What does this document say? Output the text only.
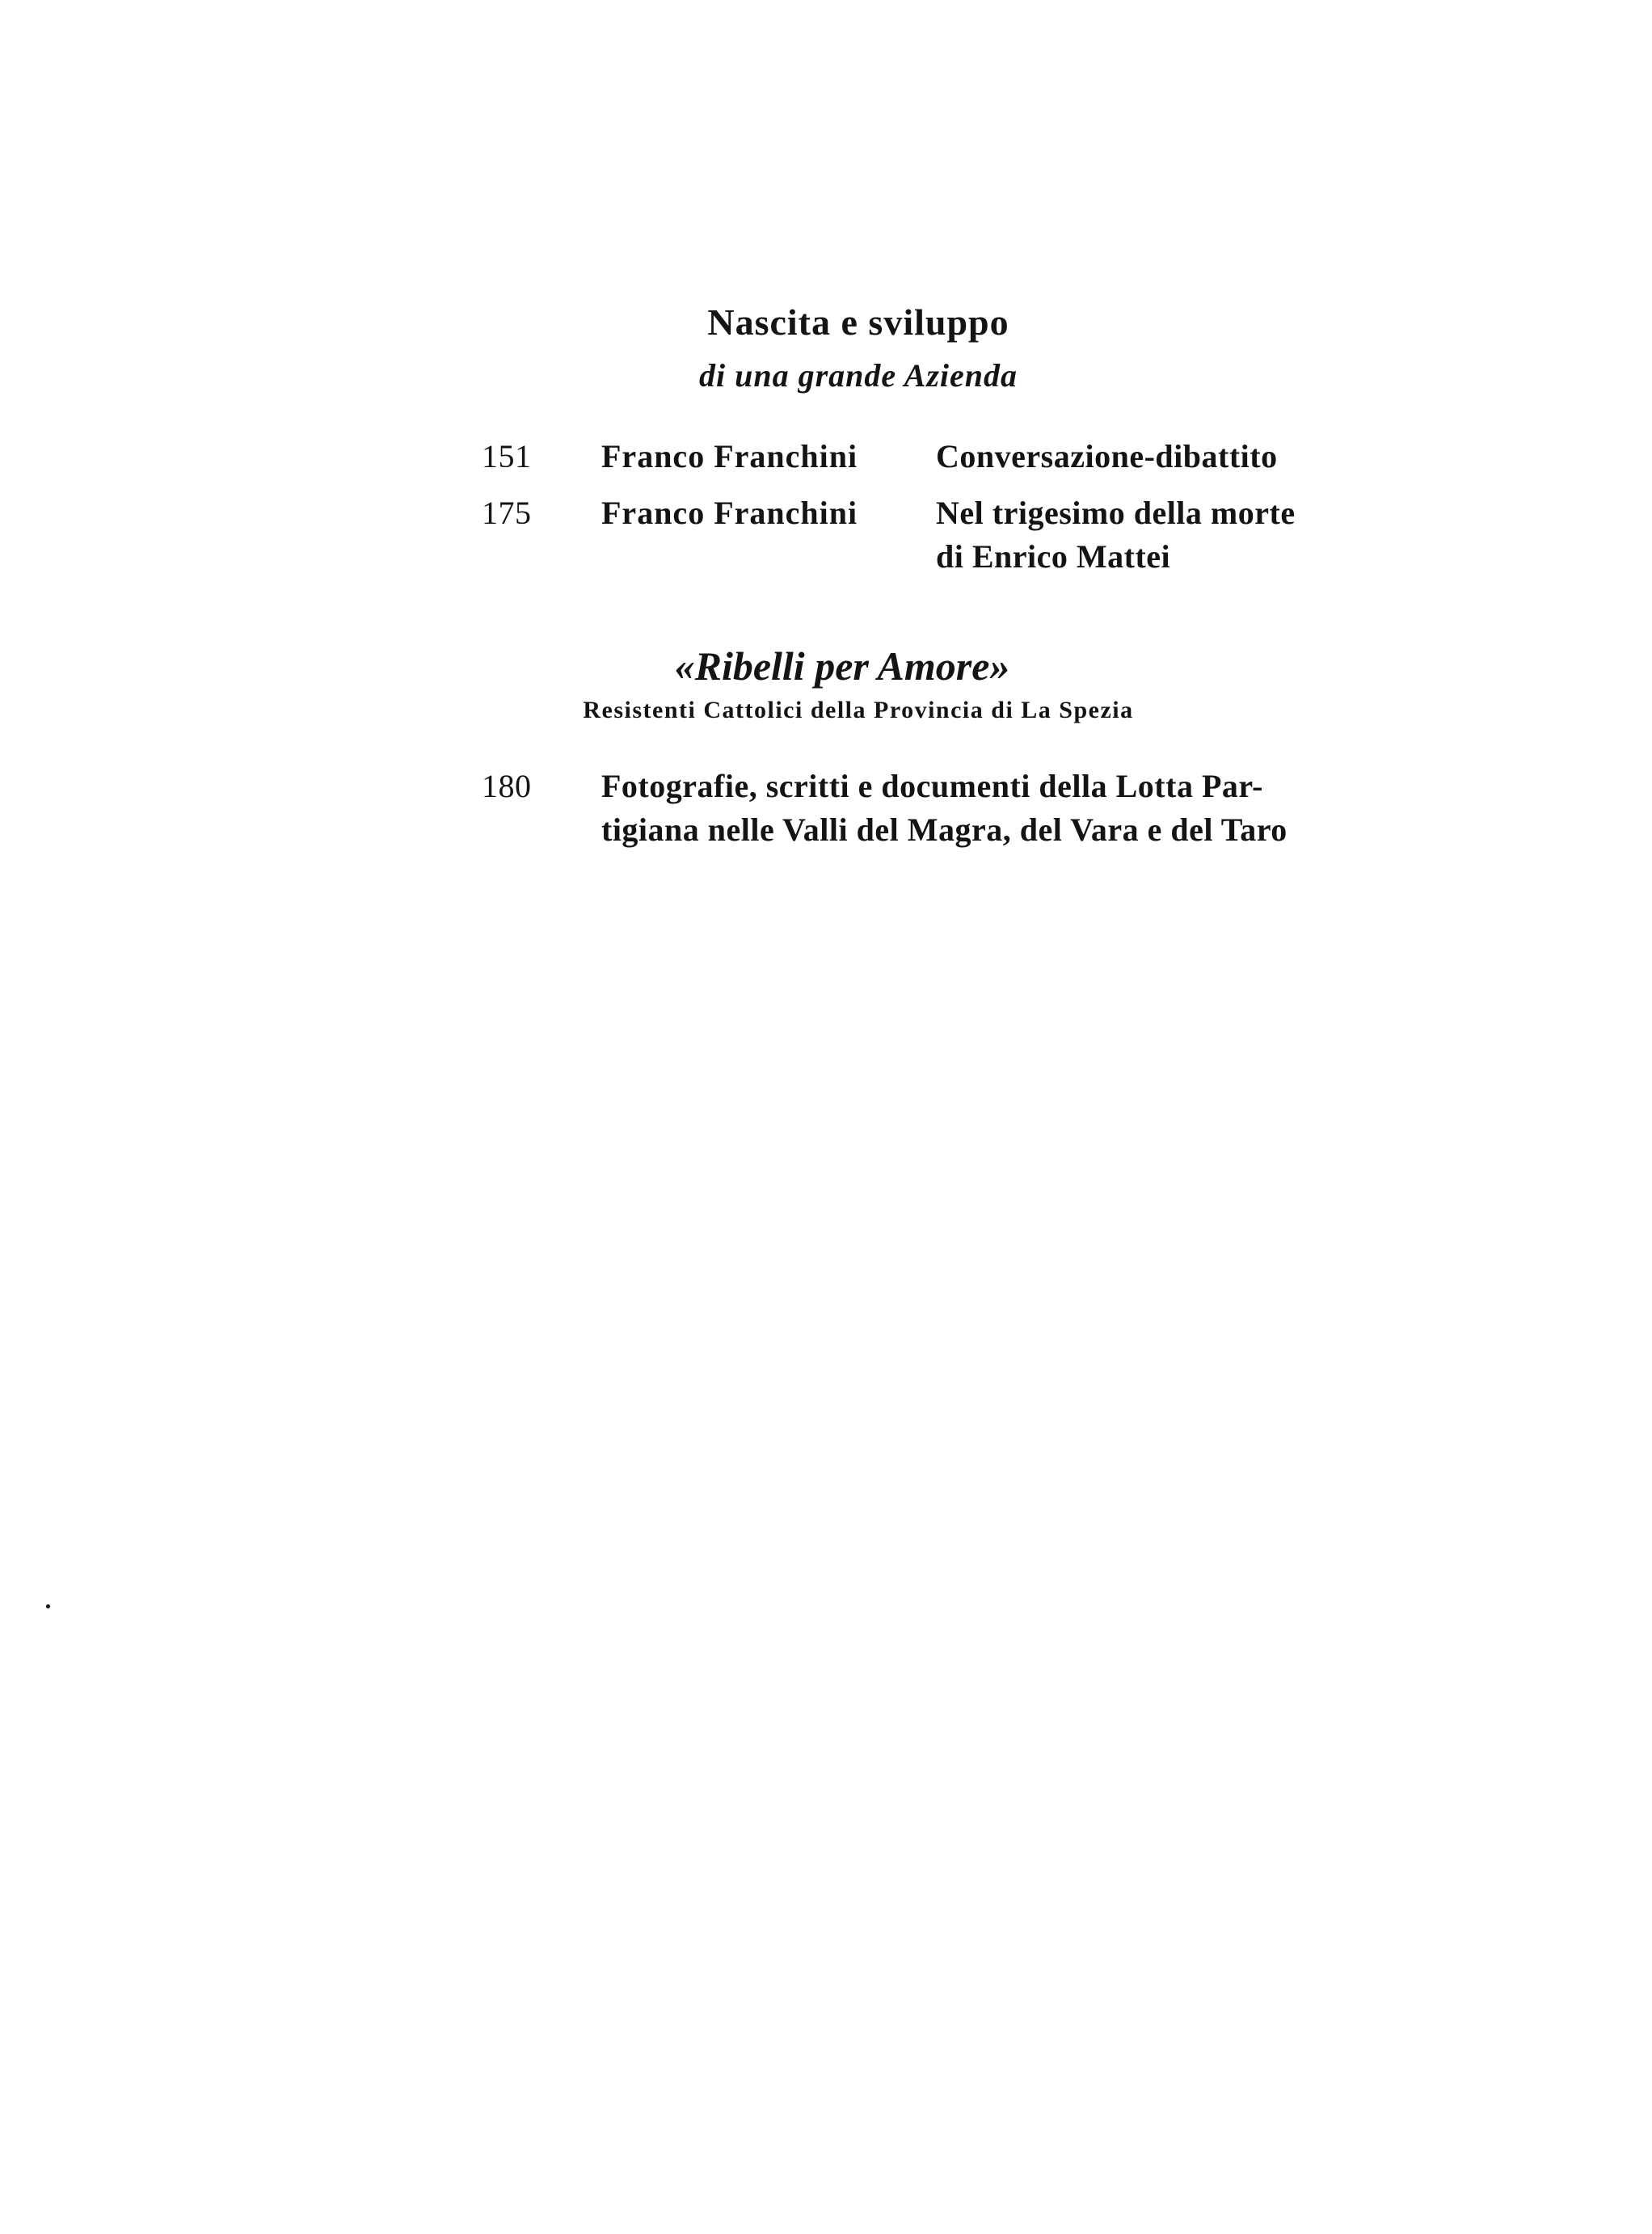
Nascita e sviluppo
di una grande Azienda
151	Franco Franchini	Conversazione-dibattito
175	Franco Franchini	Nel trigesimo della morte
di Enrico Mattei
«Ribelli per Amore»
Resistenti Cattolici della Provincia di La Spezia
180	Fotografie, scritti e documenti della Lotta Par-
tigiana nelle Valli del Magra, del Vara e del Taro
